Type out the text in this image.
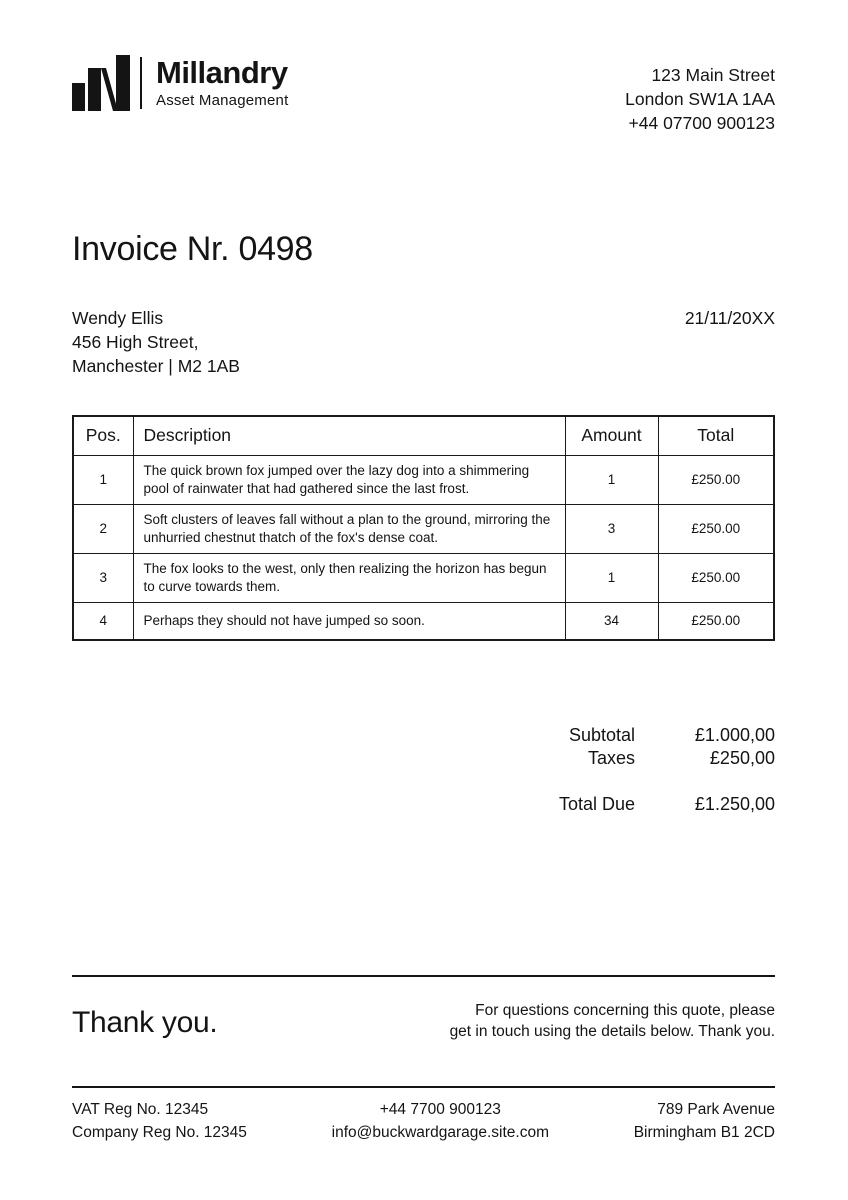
Millandry
Asset Management
123 Main Street
London SW1A 1AA
+44 07700 900123
Invoice Nr. 0498
Wendy Ellis
456 High Street,
Manchester | M2 1AB
21/11/20XX
Pos.	Description	Amount	Total
1	The quick brown fox jumped over the lazy dog into a shimmering pool of rainwater that had gathered since the last frost.	1	£250.00
2	Soft clusters of leaves fall without a plan to the ground, mirroring the unhurried chestnut thatch of the fox's dense coat.	3	£250.00
3	The fox looks to the west, only then realizing the horizon has begun to curve towards them.	1	£250.00
4	Perhaps they should not have jumped so soon.	34	£250.00
Subtotal	£1.000,00
Taxes	£250,00
Total Due	£1.250,00
Thank you.	For questions concerning this quote, please
get in touch using the details below. Thank you.
VAT Reg No. 12345
Company Reg No. 12345
+44 7700 900123
info@buckwardgarage.site.com
789 Park Avenue
Birmingham B1 2CD
